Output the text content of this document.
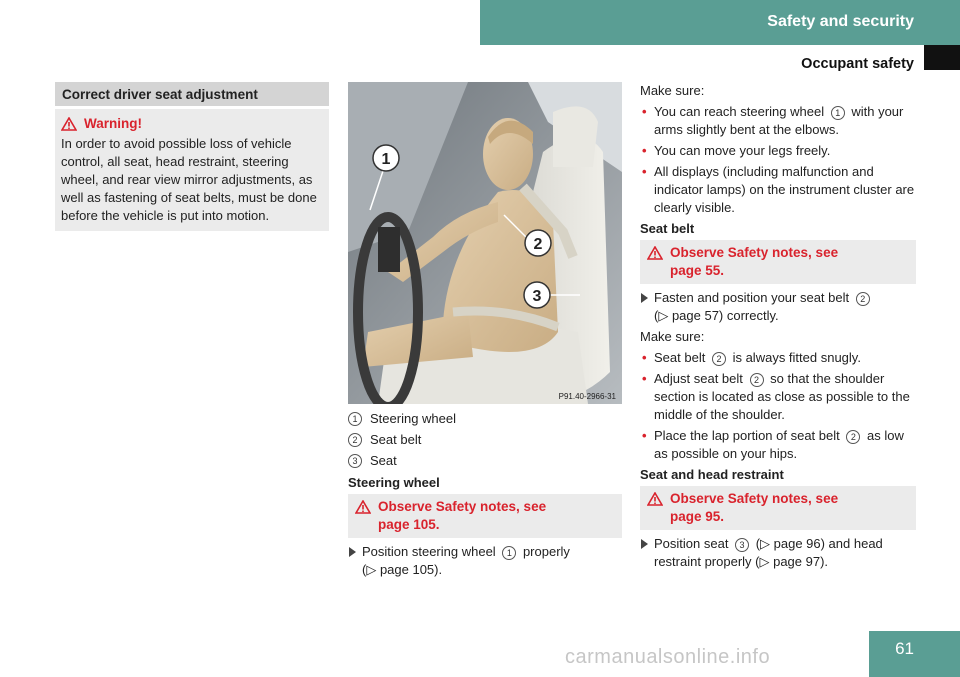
Safety and security
Occupant safety
Correct driver seat adjustment
Warning!
In order to avoid possible loss of vehicle control, all seat, head restraint, steering wheel, and rear view mirror adjustments, as well as fastening of seat belts, must be done before the vehicle is put into motion.
1
2
3
P91.40-2966-31
1 Steering wheel
2 Seat belt
3 Seat
Steering wheel
Observe Safety notes, see page 105.
Position steering wheel 1 properly
(▷ page 105).
Make sure:
• You can reach steering wheel 1 with your arms slightly bent at the elbows.
• You can move your legs freely.
• All displays (including malfunction and indicator lamps) on the instrument cluster are clearly visible.
Seat belt
Observe Safety notes, see page 55.
Fasten and position your seat belt 2
(▷ page 57) correctly.
Make sure:
• Seat belt 2 is always fitted snugly.
• Adjust seat belt 2 so that the shoulder section is located as close as possible to the middle of the shoulder.
• Place the lap portion of seat belt 2 as low as possible on your hips.
Seat and head restraint
Observe Safety notes, see page 95.
Position seat 3 (▷ page 96) and head restraint properly (▷ page 97).
carmanualsonline.info	61
